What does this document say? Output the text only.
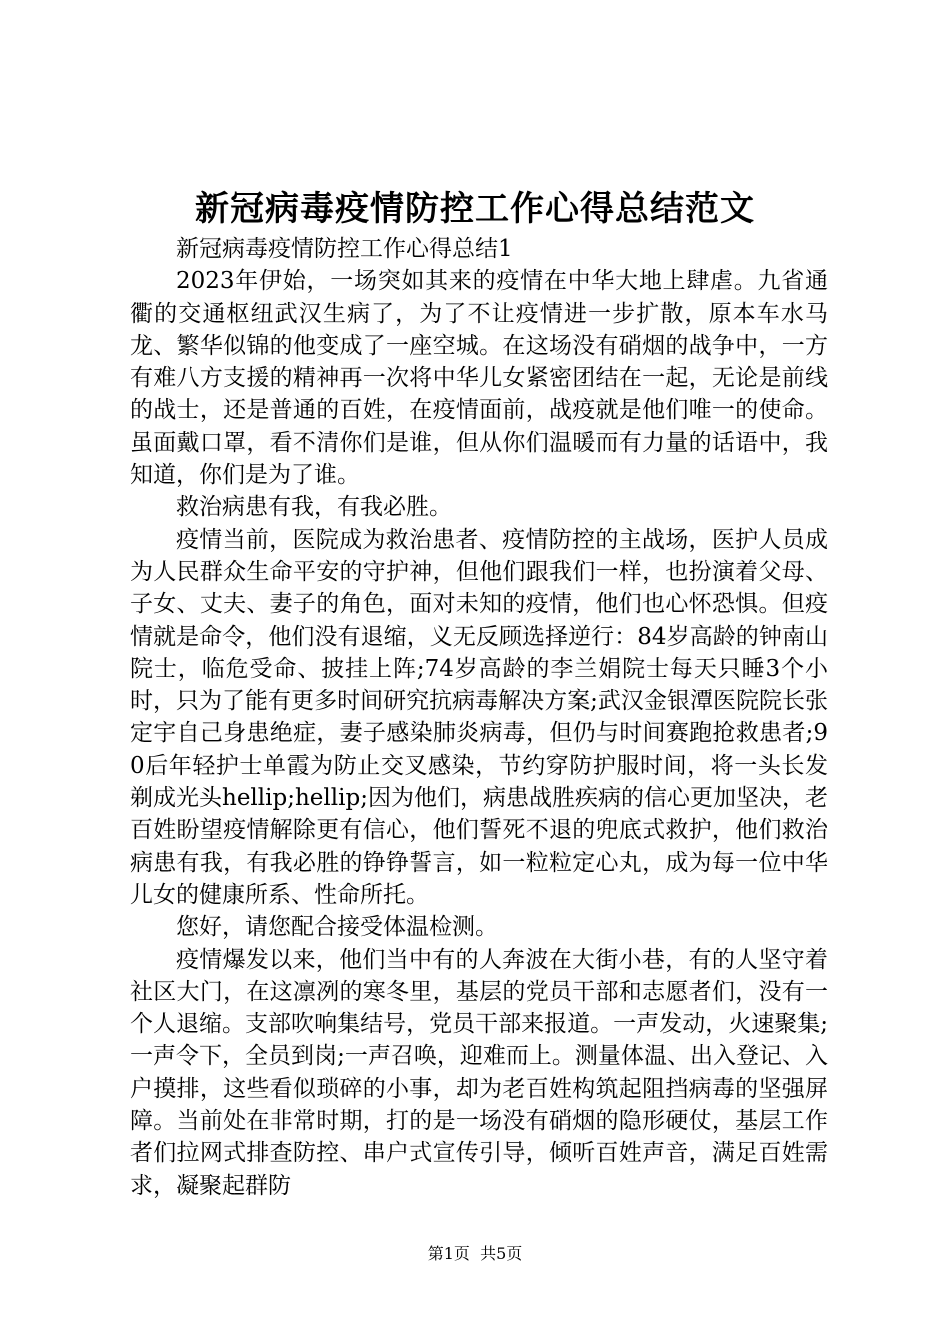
新冠病毒疫情防控工作心得总结范文

新冠病毒疫情防控工作心得总结1

2023年伊始，一场突如其来的疫情在中华大地上肆虐。九省通衢的交通枢纽武汉生病了，为了不让疫情进一步扩散，原本车水马龙、繁华似锦的他变成了一座空城。在这场没有硝烟的战争中，一方有难八方支援的精神再一次将中华儿女紧密团结在一起，无论是前线的战士，还是普通的百姓，在疫情面前，战疫就是他们唯一的使命。虽面戴口罩，看不清你们是谁，但从你们温暖而有力量的话语中，我知道，你们是为了谁。

救治病患有我，有我必胜。

疫情当前，医院成为救治患者、疫情防控的主战场，医护人员成为人民群众生命平安的守护神，但他们跟我们一样，也扮演着父母、子女、丈夫、妻子的角色，面对未知的疫情，他们也心怀恐惧。但疫情就是命令，他们没有退缩，义无反顾选择逆行：84岁高龄的钟南山院士，临危受命、披挂上阵;74岁高龄的李兰娟院士每天只睡3个小时，只为了能有更多时间研究抗病毒解决方案;武汉金银潭医院院长张定宇自己身患绝症，妻子感染肺炎病毒，但仍与时间赛跑抢救患者;90后年轻护士单霞为防止交叉感染，节约穿防护服时间，将一头长发剃成光头hellip;hellip;因为他们，病患战胜疾病的信心更加坚决，老百姓盼望疫情解除更有信心，他们誓死不退的兜底式救护，他们救治病患有我，有我必胜的铮铮誓言，如一粒粒定心丸，成为每一位中华儿女的健康所系、性命所托。

您好，请您配合接受体温检测。

疫情爆发以来，他们当中有的人奔波在大街小巷，有的人坚守着社区大门，在这凛冽的寒冬里，基层的党员干部和志愿者们，没有一个人退缩。支部吹响集结号，党员干部来报道。一声发动，火速聚集;一声令下，全员到岗;一声召唤，迎难而上。测量体温、出入登记、入户摸排，这些看似琐碎的小事，却为老百姓构筑起阻挡病毒的坚强屏障。当前处在非常时期，打的是一场没有硝烟的隐形硬仗，基层工作者们拉网式排查防控、串户式宣传引导，倾听百姓声音，满足百姓需求，凝聚起群防

第1页 共5页
